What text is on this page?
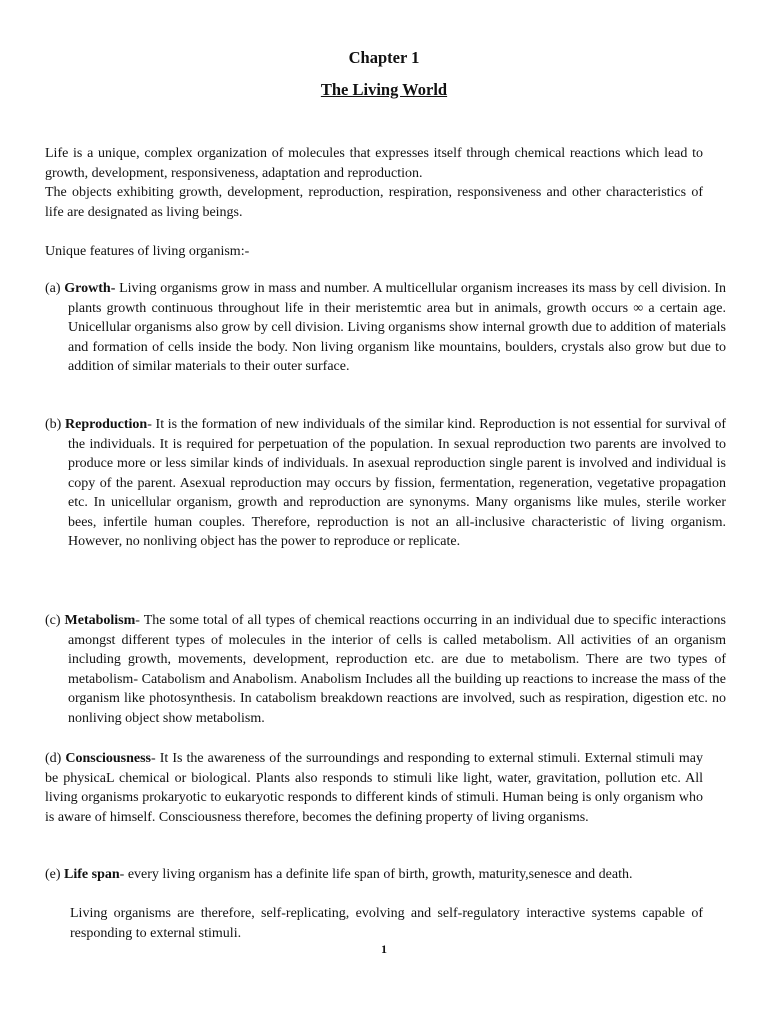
Chapter 1
The Living World

Life is a unique, complex organization of molecules that expresses itself through chemical reactions which lead to growth, development, responsiveness, adaptation and reproduction.

The objects exhibiting growth, development, reproduction, respiration, responsiveness and other characteristics of life are designated as living beings.

Unique features of living organism:-

(a) Growth- Living organisms grow in mass and number. A multicellular organism increases its mass by cell division. In plants growth continuous throughout life in their meristemtic area but in animals, growth occurs ∞ a certain age. Unicellular organisms also grow by cell division. Living organisms show internal growth due to addition of materials and formation of cells inside the body. Non living organism like mountains, boulders, crystals also grow but due to addition of similar materials to their outer surface.

(b) Reproduction- It is the formation of new individuals of the similar kind. Reproduction is not essential for survival of the individuals. It is required for perpetuation of the population. In sexual reproduction two parents are involved to produce more or less similar kinds of individuals. In asexual reproduction single parent is involved and individual is copy of the parent. Asexual reproduction may occurs by fission, fermentation, regeneration, vegetative propagation etc. In unicellular organism, growth and reproduction are synonyms. Many organisms like mules, sterile worker bees, infertile human couples. Therefore, reproduction is not an all-inclusive characteristic of living organism. However, no nonliving object has the power to reproduce or replicate.

(c) Metabolism- The some total of all types of chemical reactions occurring in an individual due to specific interactions amongst different types of molecules in the interior of cells is called metabolism. All activities of an organism including growth, movements, development, reproduction etc. are due to metabolism. There are two types of metabolism- Catabolism and Anabolism. Anabolism Includes all the building up reactions to increase the mass of the organism like photosynthesis. In catabolism breakdown reactions are involved, such as respiration, digestion etc. no nonliving object show metabolism.

(d) Consciousness- It Is the awareness of the surroundings and responding to external stimuli. External stimuli may be physicaL chemical or biological. Plants also responds to stimuli like light, water, gravitation, pollution etc. All living organisms prokaryotic to eukaryotic responds to different kinds of stimuli. Human being is only organism who is aware of himself. Consciousness therefore, becomes the defining property of living organisms.

(e) Life span- every living organism has a definite life span of birth, growth, maturity,senesce and death.

Living organisms are therefore, self-replicating, evolving and self-regulatory interactive systems capable of responding to external stimuli.

1
